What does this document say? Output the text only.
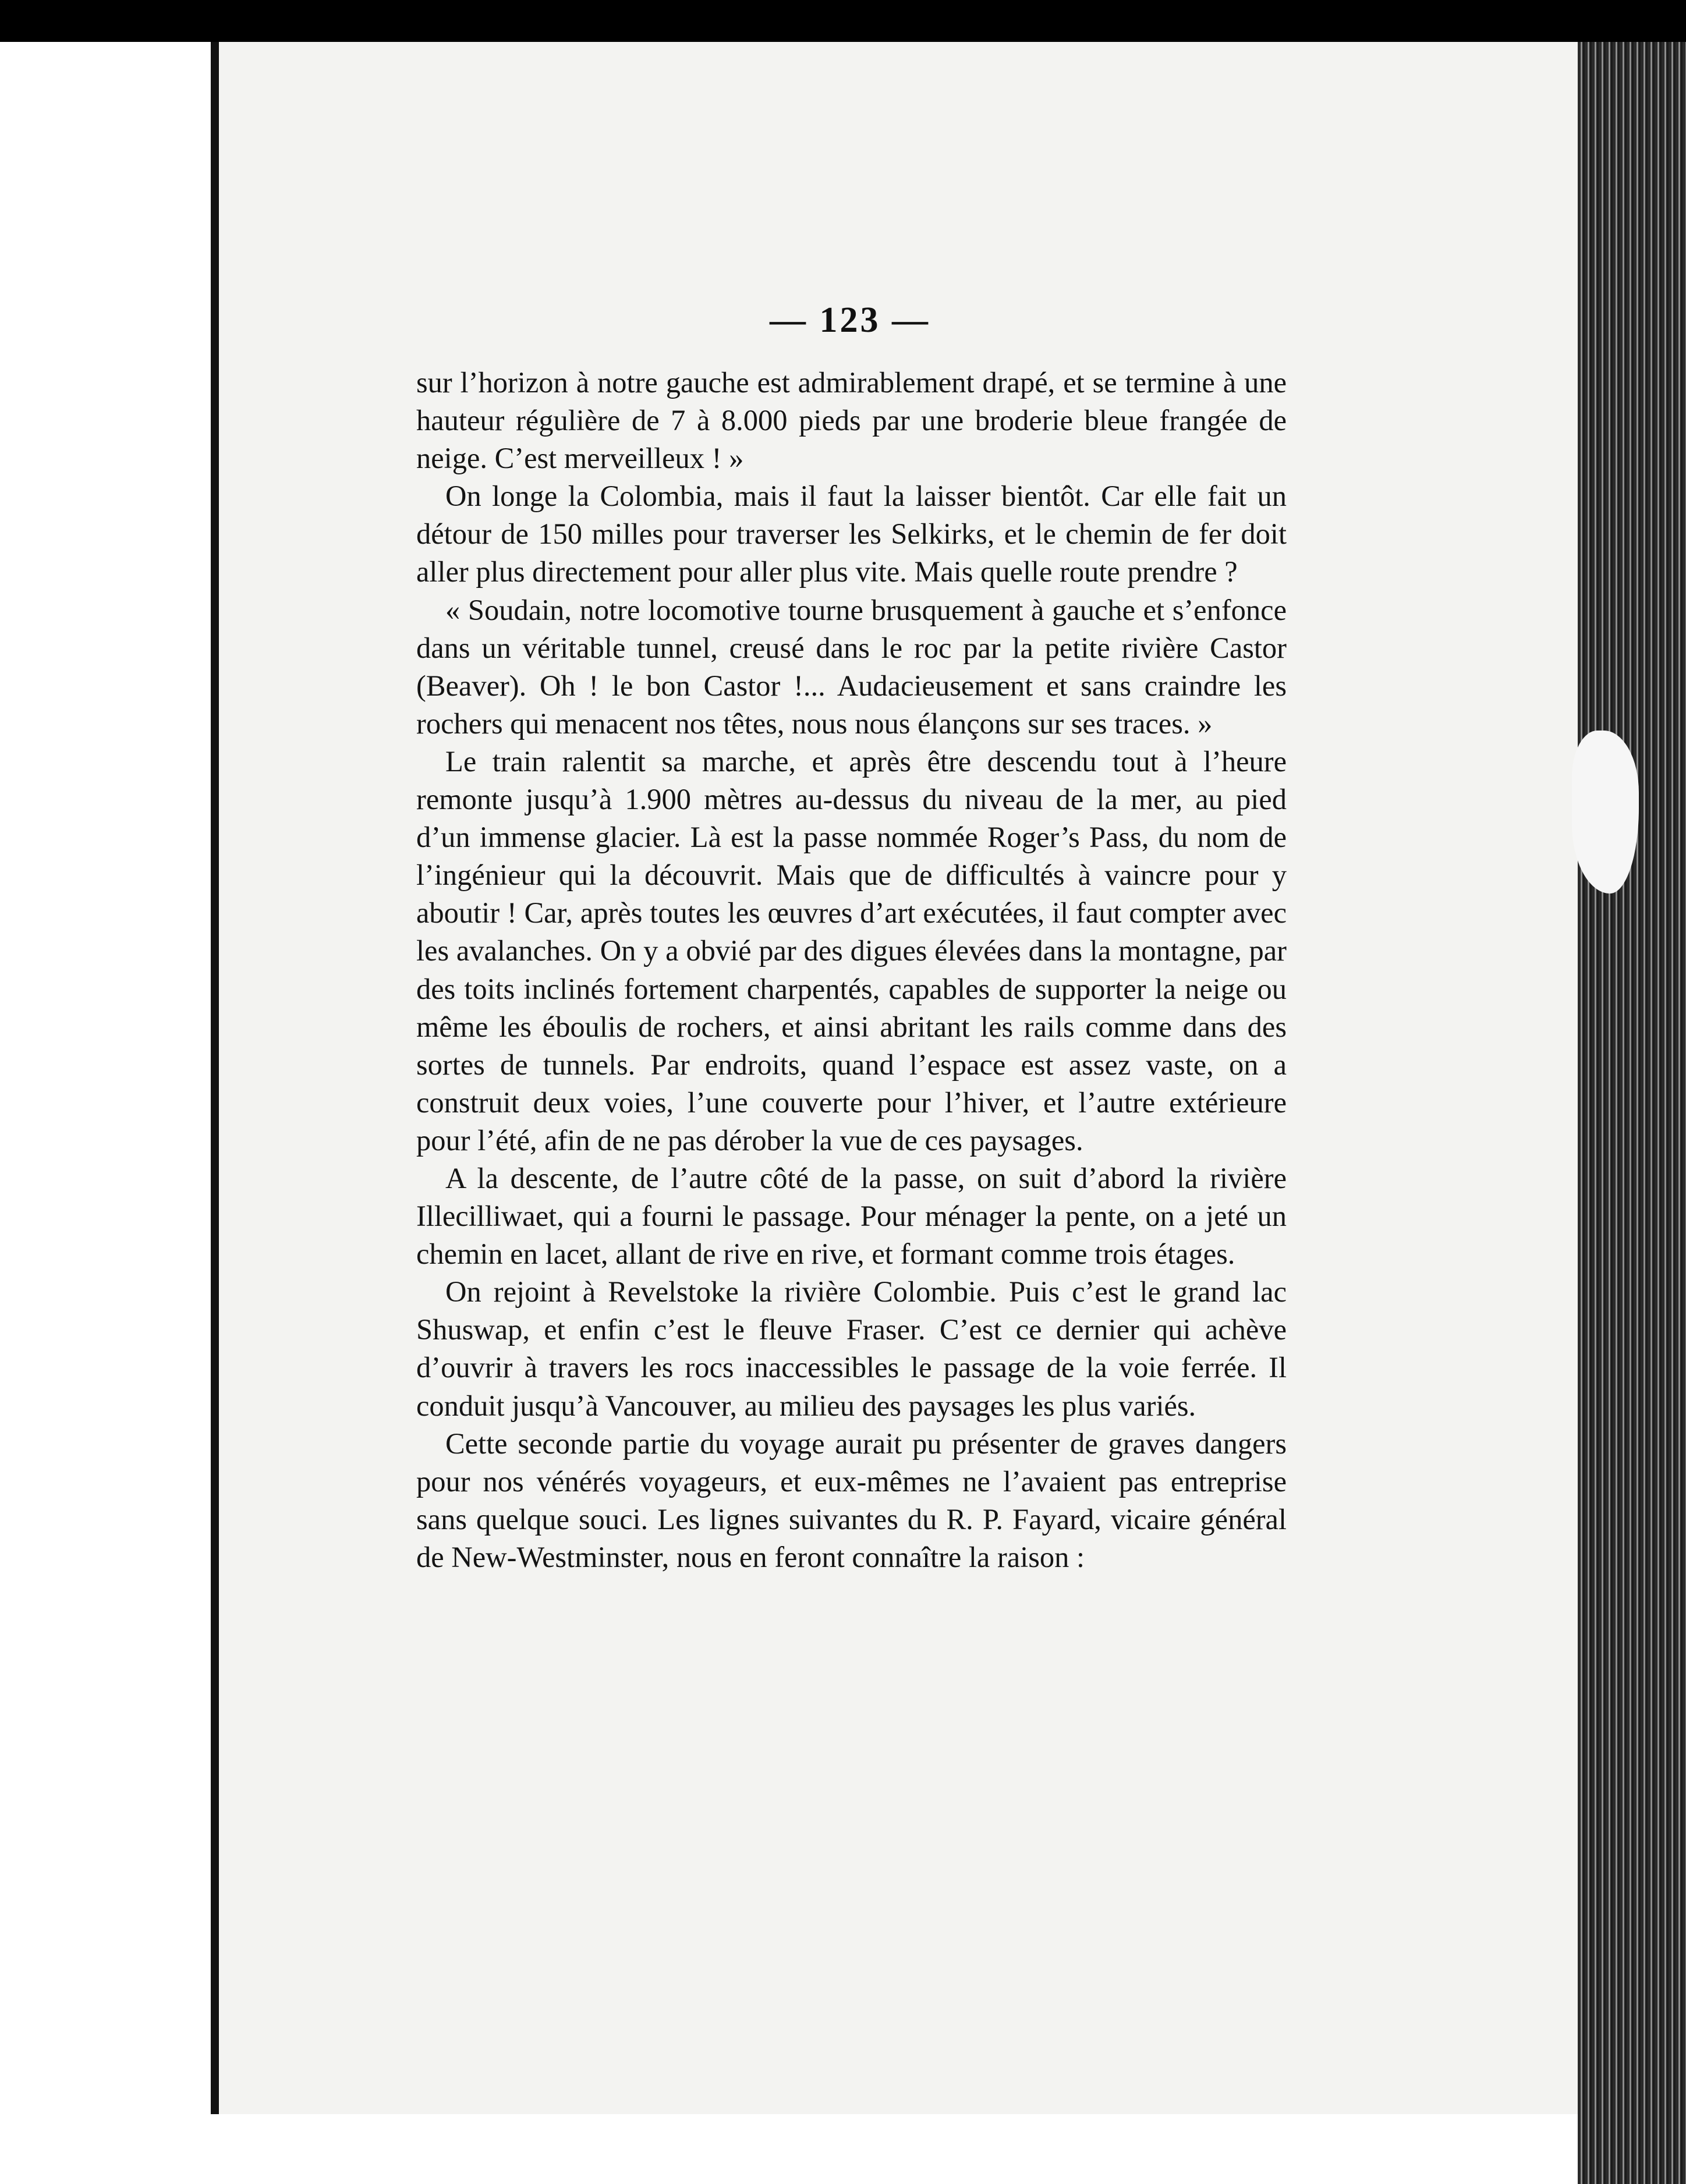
— 123 —

sur l’horizon à notre gauche est admirablement drapé, et se termine à une hauteur régulière de 7 à 8.000 pieds par une broderie bleue frangée de neige. C’est merveilleux ! »

On longe la Colombia, mais il faut la laisser bientôt. Car elle fait un détour de 150 milles pour traverser les Selkirks, et le chemin de fer doit aller plus directement pour aller plus vite. Mais quelle route prendre ?

« Soudain, notre locomotive tourne brusquement à gauche et s’enfonce dans un véritable tunnel, creusé dans le roc par la petite rivière Castor (Beaver). Oh ! le bon Castor !... Audacieusement et sans craindre les rochers qui menacent nos têtes, nous nous élançons sur ses traces. »

Le train ralentit sa marche, et après être descendu tout à l’heure remonte jusqu’à 1.900 mètres au-dessus du niveau de la mer, au pied d’un immense glacier. Là est la passe nommée Roger’s Pass, du nom de l’ingénieur qui la découvrit. Mais que de difficultés à vaincre pour y aboutir ! Car, après toutes les œuvres d’art exécutées, il faut compter avec les avalanches. On y a obvié par des digues élevées dans la montagne, par des toits inclinés fortement charpentés, capables de supporter la neige ou même les éboulis de rochers, et ainsi abritant les rails comme dans des sortes de tunnels. Par endroits, quand l’espace est assez vaste, on a construit deux voies, l’une couverte pour l’hiver, et l’autre extérieure pour l’été, afin de ne pas dérober la vue de ces paysages.

A la descente, de l’autre côté de la passe, on suit d’abord la rivière Illecilliwaet, qui a fourni le passage. Pour ménager la pente, on a jeté un chemin en lacet, allant de rive en rive, et formant comme trois étages.

On rejoint à Revelstoke la rivière Colombie. Puis c’est le grand lac Shuswap, et enfin c’est le fleuve Fraser. C’est ce dernier qui achève d’ouvrir à travers les rocs inaccessibles le passage de la voie ferrée. Il conduit jusqu’à Vancouver, au milieu des paysages les plus variés.

Cette seconde partie du voyage aurait pu présenter de graves dangers pour nos vénérés voyageurs, et eux-mêmes ne l’avaient pas entreprise sans quelque souci. Les lignes suivantes du R. P. Fayard, vicaire général de New-Westminster, nous en feront connaître la raison :
